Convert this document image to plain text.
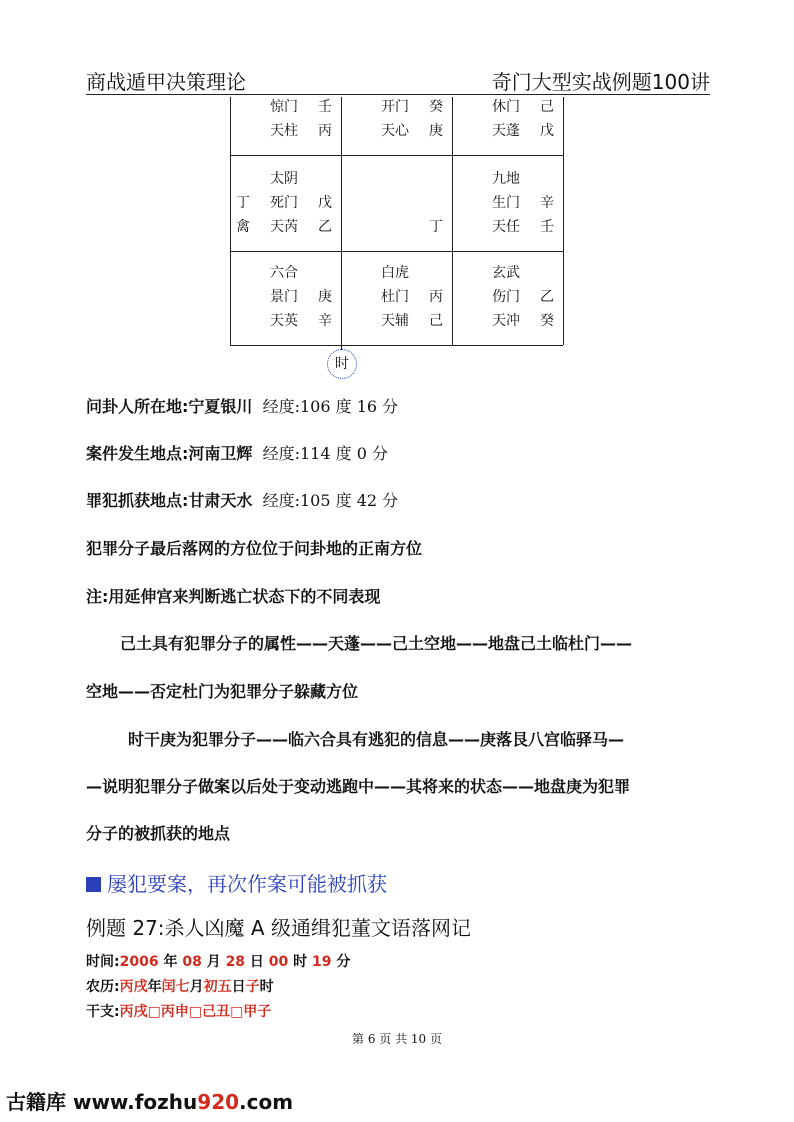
商战遁甲决策理论	奇门大型实战例题100讲
惊门 壬
天柱 丙
开门 癸
天心 庚
休门 己
天蓬 戊
太阴
丁 死门 戊
禽 天芮 乙	丁
九地
生门 辛
天任 壬
六合
景门 庚
天英 辛
白虎
杜门 丙
天辅 己
玄武
伤门 乙
天冲 癸
时
问卦人所在地:宁夏银川 经度:106 度 16 分
案件发生地点:河南卫辉 经度:114 度 0 分
罪犯抓获地点:甘肃天水 经度:105 度 42 分
犯罪分子最后落网的方位位于问卦地的正南方位
注:用延伸宫来判断逃亡状态下的不同表现
己土具有犯罪分子的属性——天蓬——己土空地——地盘己土临杜门——
空地——否定杜门为犯罪分子躲藏方位
时干庚为犯罪分子——临六合具有逃犯的信息——庚落艮八宫临驿马—
—说明犯罪分子做案以后处于变动逃跑中——其将来的状态——地盘庚为犯罪
分子的被抓获的地点
屡犯要案，再次作案可能被抓获
例题 27:杀人凶魔 A 级通缉犯董文语落网记
时间:2006 年 08 月 28 日 00 时 19 分
农历:丙戌年闰七月初五日子时
干支:丙戌□丙申□己丑□甲子
第 6 页 共 10 页
古籍库 www.fozhu920.com
